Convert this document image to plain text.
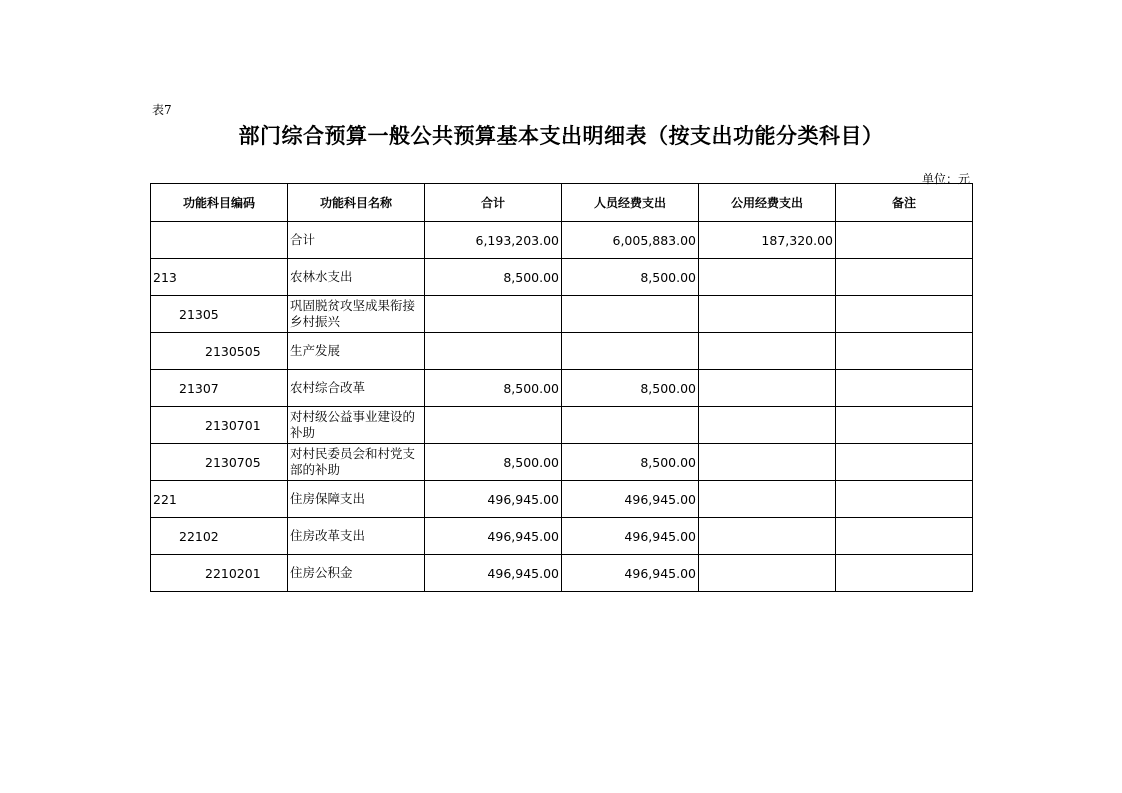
表7
部门综合预算一般公共预算基本支出明细表（按支出功能分类科目）
单位：元
功能科目编码	功能科目名称	合计	人员经费支出	公用经费支出	备注
	合计	6,193,203.00	6,005,883.00	187,320.00	
213	农林水支出	8,500.00	8,500.00		
21305	巩固脱贫攻坚成果衔接乡村振兴				
2130505	生产发展				
21307	农村综合改革	8,500.00	8,500.00		
2130701	对村级公益事业建设的补助				
2130705	对村民委员会和村党支部的补助	8,500.00	8,500.00		
221	住房保障支出	496,945.00	496,945.00		
22102	住房改革支出	496,945.00	496,945.00		
2210201	住房公积金	496,945.00	496,945.00		
